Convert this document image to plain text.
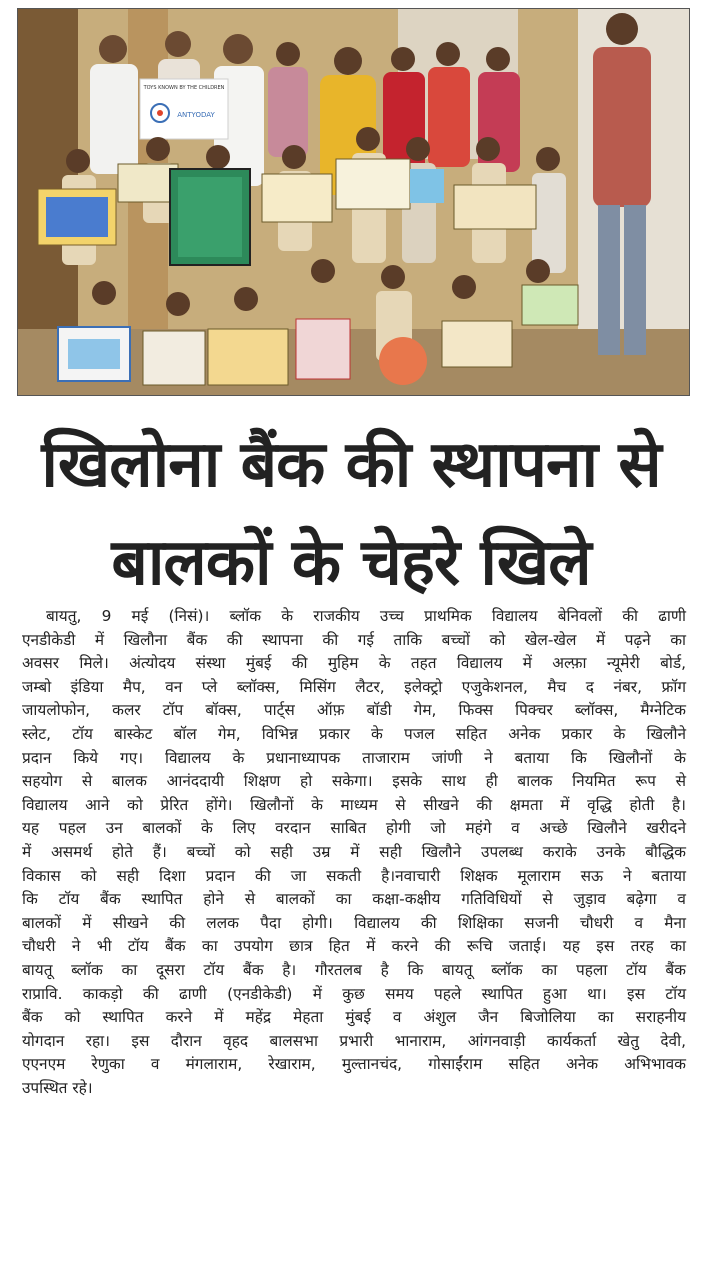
TOYS KNOWN BY THE CHILDREN
ANTYODAY
खिलोना बैंक की स्थापना से
बालकों के चेहरे खिले
बायतु, 9 मई (निसं)। ब्लॉक के राजकीय उच्च प्राथमिक विद्यालय बेनिवलों की ढाणी
एनडीकेडी में खिलौना बैंक की स्थापना की गई ताकि बच्चों को खेल-खेल में पढ़ने का
अवसर मिले। अंत्योदय संस्था मुंबई की मुहिम के तहत विद्यालय में अल्फ़ा न्यूमेरी बोर्ड,
जम्बो इंडिया मैप, वन प्ले ब्लॉक्स, मिसिंग लैटर, इलेक्ट्रो एजुकेशनल, मैच द नंबर, फ्रॉग
जायलोफोन, कलर टॉप बॉक्स, पार्ट्स ऑफ़ बॉडी गेम, फिक्स पिक्चर ब्लॉक्स, मैग्नेटिक
स्लेट, टॉय बास्केट बॉल गेम, विभिन्न प्रकार के पजल सहित अनेक प्रकार के खिलौने
प्रदान किये गए। विद्यालय के प्रधानाध्यापक ताजाराम जांणी ने बताया कि खिलौनों के
सहयोग से बालक आनंददायी शिक्षण हो सकेगा। इसके साथ ही बालक नियमित रूप से
विद्यालय आने को प्रेरित होंगे। खिलौनों के माध्यम से सीखने की क्षमता में वृद्धि होती है।
यह पहल उन बालकों के लिए वरदान साबित होगी जो महंगे व अच्छे खिलौने खरीदने
में असमर्थ होते हैं। बच्चों को सही उम्र में सही खिलौने उपलब्ध कराके उनके बौद्धिक
विकास को सही दिशा प्रदान की जा सकती है।नवाचारी शिक्षक मूलाराम सऊ ने बताया
कि टॉय बैंक स्थापित होने से बालकों का कक्षा-कक्षीय गतिविधियों से जुड़ाव बढ़ेगा व
बालकों में सीखने की ललक पैदा होगी। विद्यालय की शिक्षिका सजनी चौधरी व मैना
चौधरी ने भी टॉय बैंक का उपयोग छात्र हित में करने की रूचि जताई। यह इस तरह का
बायतू ब्लॉक का दूसरा टॉय बैंक है। गौरतलब है कि बायतू ब्लॉक का पहला टॉय बैंक
राप्रावि. काकड़ो की ढाणी (एनडीकेडी) में कुछ समय पहले स्थापित हुआ था। इस टॉय
बैंक को स्थापित करने में महेंद्र मेहता मुंबई व अंशुल जैन बिजोलिया का सराहनीय
योगदान रहा। इस दौरान वृहद बालसभा प्रभारी भानाराम, आंगनवाड़ी कार्यकर्ता खेतु देवी,
एएनएम रेणुका व मंगलाराम, रेखाराम, मुल्तानचंद, गोसाईंराम सहित अनेक अभिभावक
उपस्थित रहे।
